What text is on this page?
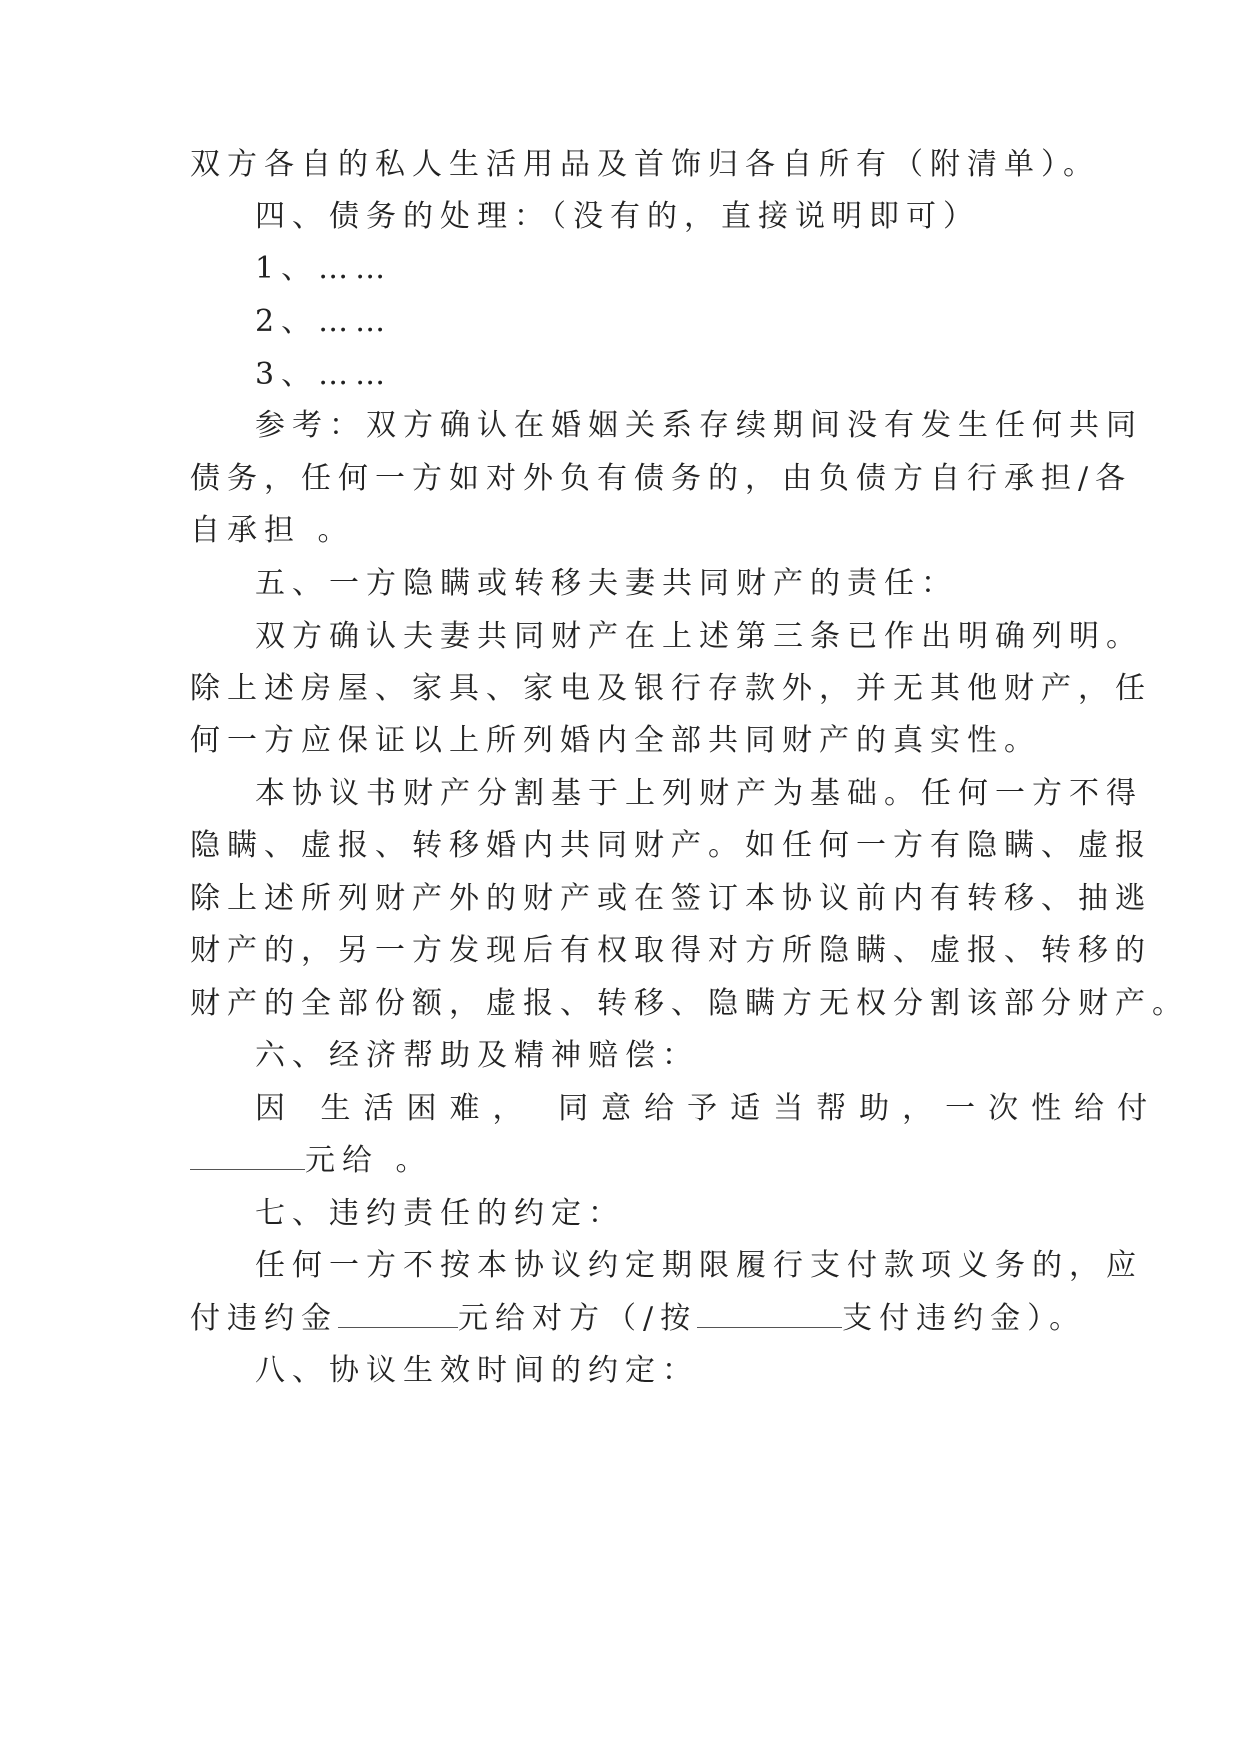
双方各自的私人生活用品及首饰归各自所有（附清单）。

四、债务的处理：（没有的，直接说明即可）

1、……

2、……

3、……

参考：双方确认在婚姻关系存续期间没有发生任何共同

债务，任何一方如对外负有债务的，由负债方自行承担/各

自承担 。

五、一方隐瞒或转移夫妻共同财产的责任：

双方确认夫妻共同财产在上述第三条已作出明确列明。

除上述房屋、家具、家电及银行存款外，并无其他财产，任

何一方应保证以上所列婚内全部共同财产的真实性。

本协议书财产分割基于上列财产为基础。任何一方不得

隐瞒、虚报、转移婚内共同财产。如任何一方有隐瞒、虚报

除上述所列财产外的财产或在签订本协议前内有转移、抽逃

财产的，另一方发现后有权取得对方所隐瞒、虚报、转移的

财产的全部份额，虚报、转移、隐瞒方无权分割该部分财产。

六、经济帮助及精神赔偿：

因 生活困难， 同意给予适当帮助，一次性给付

元给 。

七、违约责任的约定：

任何一方不按本协议约定期限履行支付款项义务的，应

付违约金	元给对方（/按	支付违约金）。

八、协议生效时间的约定：
